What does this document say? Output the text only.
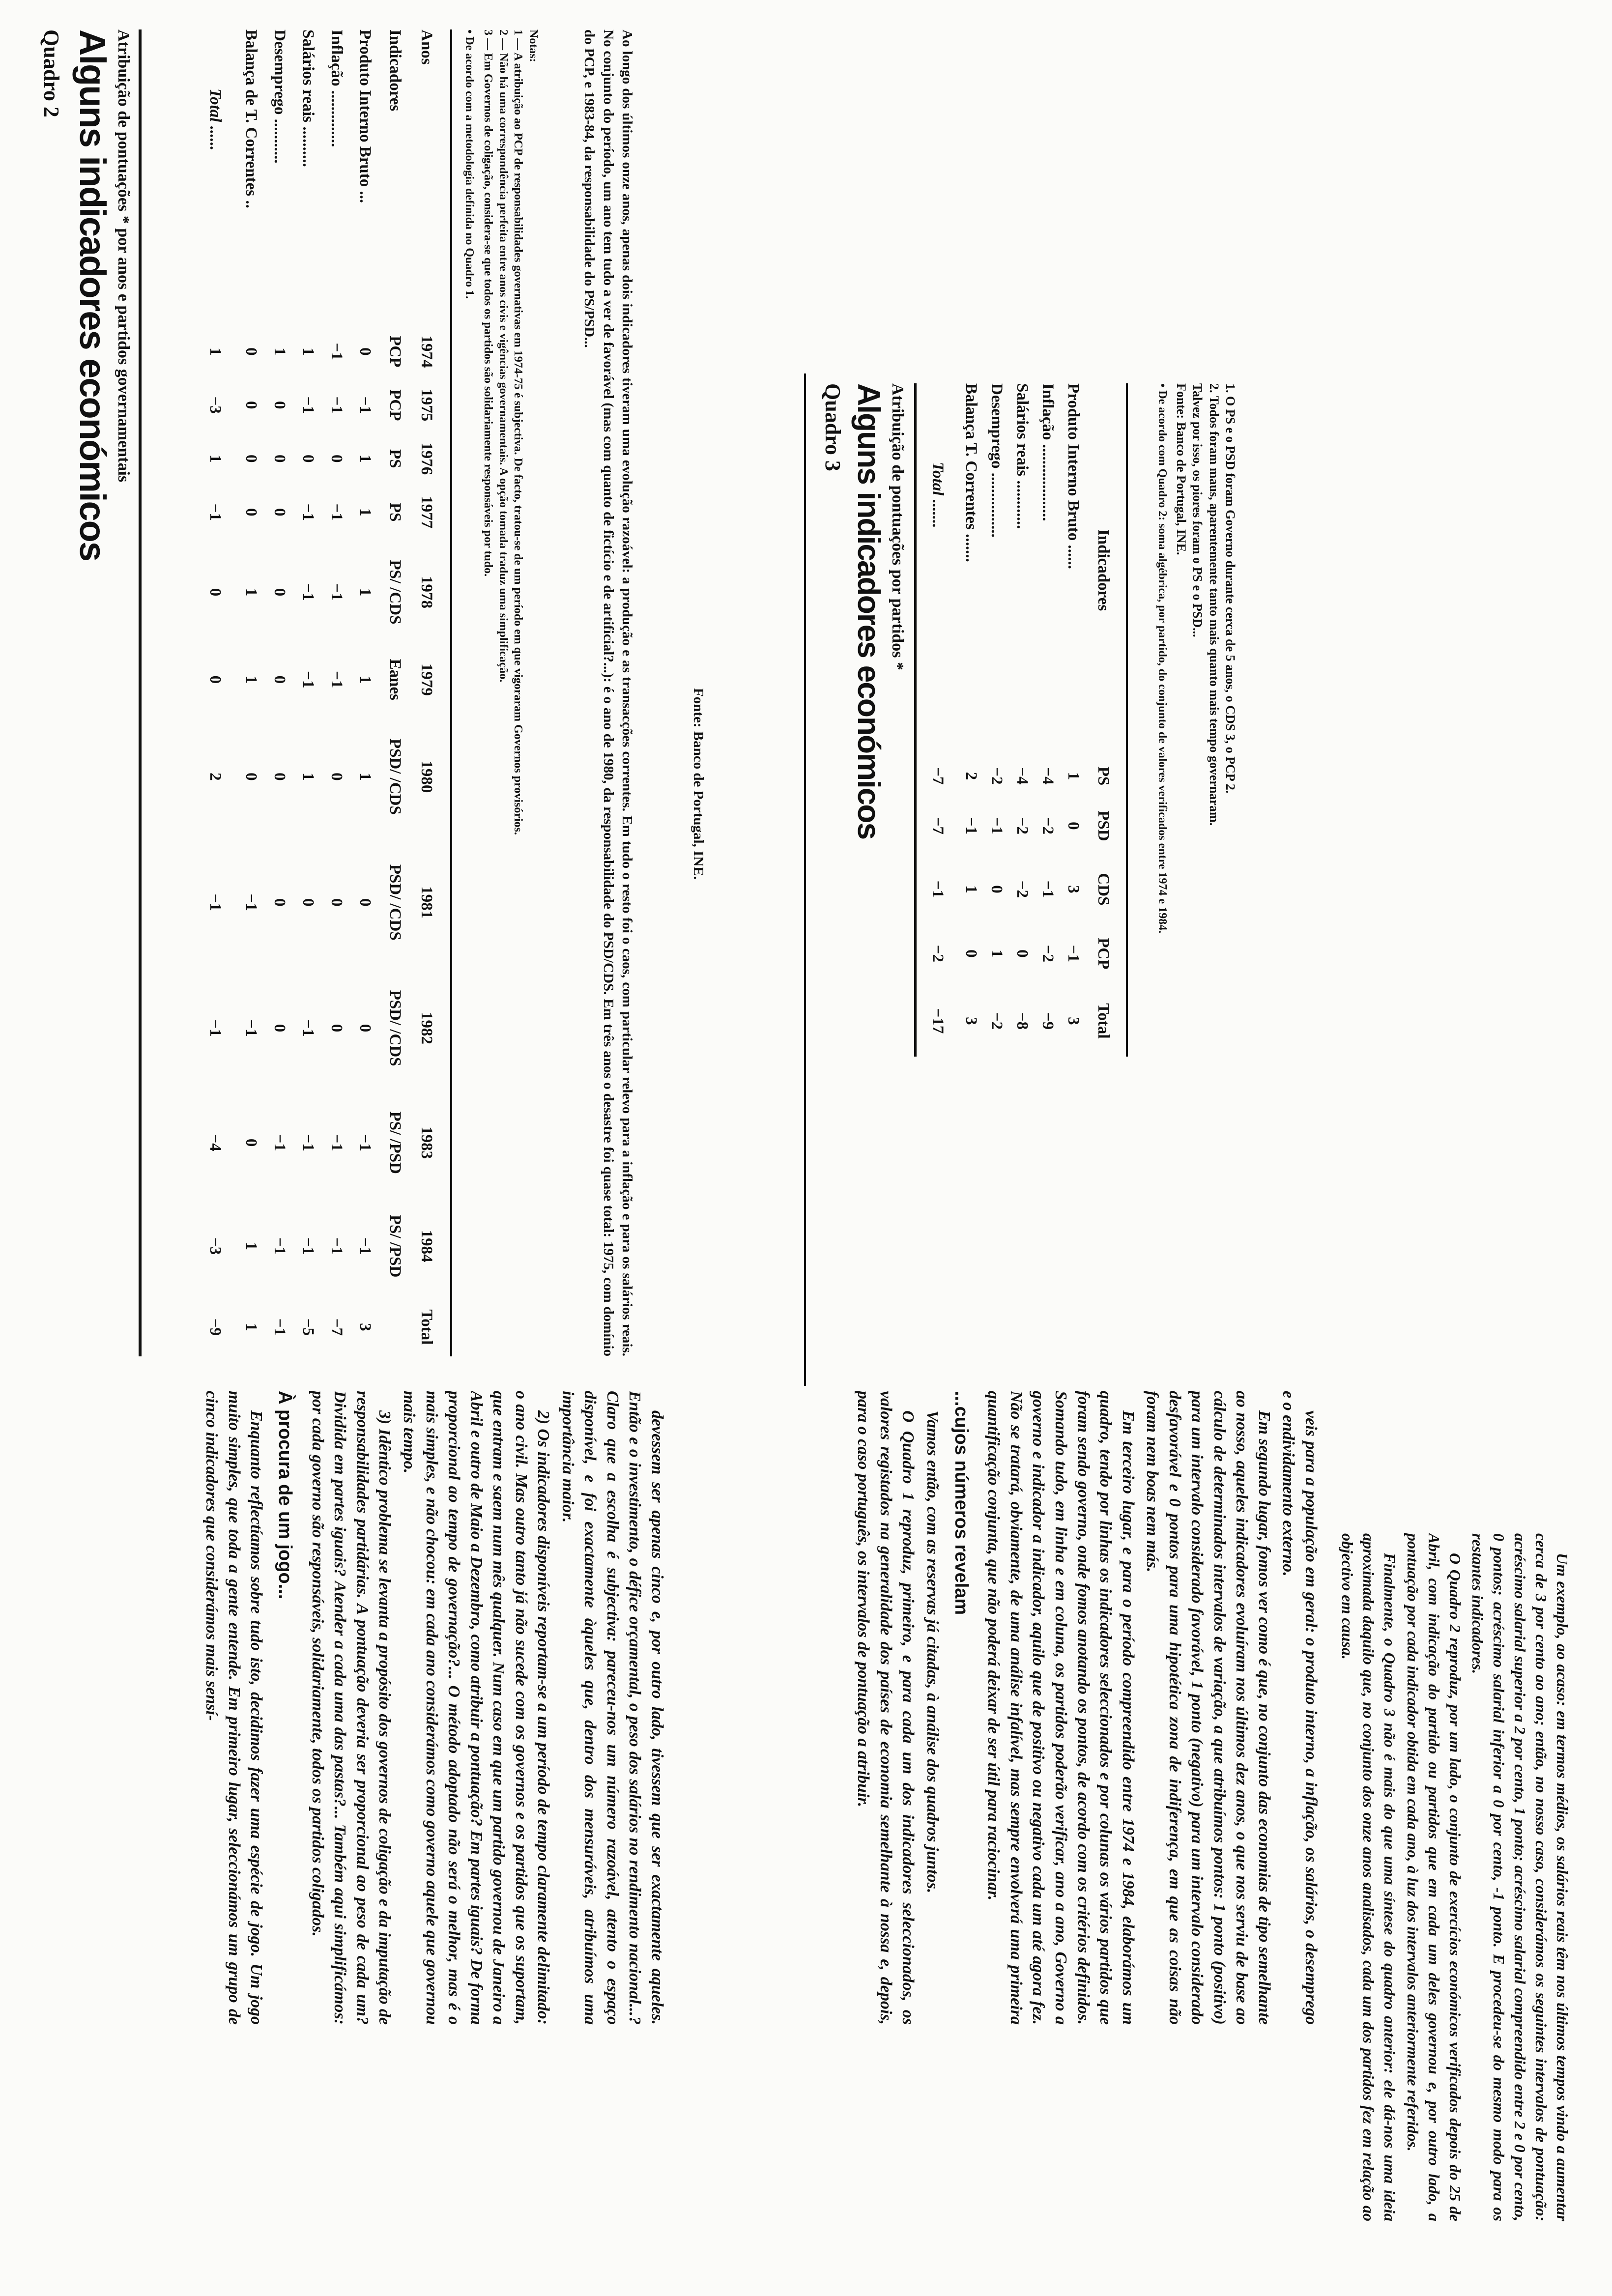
Quadro 2 Alguns indicadores económicos Atribuição de pontuações * por anos e partidos governamentais	Anos	1974	1975	1976	1977	1978	1979	1980	1981	1982	1983	1984	Total
Indicadores	PCP	PCP	PS	PS	PS/ /CDS	Eanes	PSD/ /CDS	PSD/ /CDS	PSD/ /CDS	PS/ /PSD	PS/ /PSD	
Produto Interno Bruto ...	0	−1	1	1	1	1	1	0	0	−1	−1	3
Inflação ..............	−1	−1	0	−1	−1	−1	0	0	0	−1	−1	−7
Salários reais ..........	1	−1	0	−1	−1	−1	1	0	−1	−1	−1	−5
Desemprego ...........	1	0	0	0	0	0	0	0	0	−1	−1	−1
Balança de T. Correntes ..	0	0	0	0	1	1	0	−1	−1	0	1	1
Total ......	1	−3	1	−1	0	0	2	−1	−1	−4	−3	−9
• De acordo com a metodologia definida no Quadro 1.	Notas:
1 — A atribuição ao PCP de responsabilidades governativas em 1974-75 é subjectiva. De facto, tratou-se de um período em que vigoraram Governos provisórios.
2 — Não há uma correspondência perfeita entre anos civis e vigências governamentais. A opção tomada traduz uma simplificação.
3 — Em Governos de coligação, considera-se que todos os partidos são solidariamente responsáveis por tudo.	Ao longo dos últimos onze anos, apenas dois indicadores tiveram uma evolução razoável: a produção e as transacções correntes. Em tudo o resto foi o caos, com particular relevo para a inflação e para os salários reais. No conjunto do período, um ano tem tudo a ver de favorável (mas com quanto de fictício e de artificial?...): é o ano de 1980, da responsabilidade do PSD/CDS. Em três anos o desastre foi quase total: 1975, com domínio do PCP, e 1983-84, da responsabilidade do PS/PSD...
Fonte: Banco de Portugal, INE.
Quadro 3 Alguns indicadores económicos Atribuição de pontuações por partidos *	Indicadores	PS	PSD	CDS	PCP	Total
Produto Interno Bruto ......	1	0	3	−1	3
Inflação ...................	−4	−2	−1	−2	−9
Salários reais ............	−4	−2	−2	0	−8
Desemprego ................	−2	−1	0	1	−2
Balança T. Correntes .......	2	−1	1	0	3
Total .......	−7	−7	−1	−2	−17
• De acordo com Quadro 2: soma algébrica, por partido, do conjunto de valores verificados entre 1974 e 1984.	1. O PS e o PSD foram Governo durante cerca de 5 anos, o CDS 3, o PCP 2.
2. Todos foram maus, aparentemente tanto mais quanto mais tempo governaram.
Talvez por isso, os piores foram o PS e o PSD...
Fonte: Banco de Portugal, INE.

devessem ser apenas cinco e, por outro lado, tivessem que ser exactamente aqueles. Então e o investimento, o défice orçamental, o peso dos salários no rendimento nacional...? Claro que a escolha é subjectiva: pareceu-nos um número razoável, atento o espaço disponível, e foi exactamente àqueles que, dentro dos mensuráveis, atribuímos uma importância maior.

2) Os indicadores disponíveis reportam-se a um período de tempo claramente delimitado: o ano civil. Mas outro tanto já não sucede com os governos e os partidos que os suportam, que entram e saem num mês qualquer. Num caso em que um partido governou de Janeiro a Abril e outro de Maio a Dezembro, como atribuir a pontuação? Em partes iguais? De forma proporcional ao tempo de governação?... O método adoptado não será o melhor, mas é o mais simples, e não chocou: em cada ano considerámos como governo aquele que governou mais tempo.

3) Idêntico problema se levanta a propósito dos governos de coligação e da imputação de responsabilidades partidárias. A pontuação deveria ser proporcional ao peso de cada um? Dividida em partes iguais? Atender a cada uma das pastas?... Também aqui simplificámos: por cada governo são responsáveis, solidariamente, todos os partidos coligados.

À procura de um jogo...

Enquanto reflectíamos sobre tudo isto, decidimos fazer uma espécie de jogo. Um jogo muito simples, que toda a gente entende. Em primeiro lugar, seleccionámos um grupo de cinco indicadores que considerámos mais sensí-	veis para a população em geral: o produto interno, a inflação, os salários, o desemprego e o endividamento externo.

Em segundo lugar, fomos ver como é que, no conjunto das economias de tipo semelhante ao nosso, aqueles indicadores evoluíram nos últimos dez anos, o que nos serviu de base ao cálculo de determinados intervalos de variação, a que atribuímos pontos: 1 ponto (positivo) para um intervalo considerado favorável, 1 ponto (negativo) para um intervalo considerado desfavorável e 0 pontos para uma hipotética zona de indiferença, em que as coisas não foram nem boas nem más.

Em terceiro lugar, e para o período compreendido entre 1974 e 1984, elaborámos um quadro, tendo por linhas os indicadores seleccionados e por colunas os vários partidos que foram sendo governo, onde fomos anotando os pontos, de acordo com os critérios definidos. Somando tudo, em linha e em coluna, os partidos poderão verificar, ano a ano, Governo a governo e indicador a indicador, aquilo que de positivo ou negativo cada um até agora fez. Não se tratará, obviamente, de uma análise infalível, mas sempre envolverá uma primeira quantificação conjunta, que não poderá deixar de ser útil para raciocinar.

...cujos números revelam

Vamos então, com as reservas já citadas, à análise dos quadros juntos.

O Quadro 1 reproduz, primeiro, e para cada um dos indicadores seleccionados, os valores registados na generalidade dos países de economia semelhante à nossa e, depois, para o caso português, os intervalos de pontuação a atribuir.	Um exemplo, ao acaso: em termos médios, os salários reais têm nos últimos tempos vindo a aumentar cerca de 3 por cento ao ano; então, no nosso caso, considerámos os seguintes intervalos de pontuação: acréscimo salarial superior a 2 por cento, 1 ponto; acréscimo salarial compreendido entre 2 e 0 por cento, 0 pontos; acréscimo salarial inferior a 0 por cento, -1 ponto. E procedeu-se do mesmo modo para os restantes indicadores.

O Quadro 2 reproduz, por um lado, o conjunto de exercícios económicos verificados depois do 25 de Abril, com indicação do partido ou partidos que em cada um deles governou e, por outro lado, a pontuação por cada indicador obtida em cada ano, à luz dos intervalos anteriormente referidos.

Finalmente, o Quadro 3 não é mais do que uma síntese do quadro anterior: ele dá-nos uma ideia aproximada daquilo que, no conjunto dos onze anos analisados, cada um dos partidos fez em relação ao objectivo em causa.
